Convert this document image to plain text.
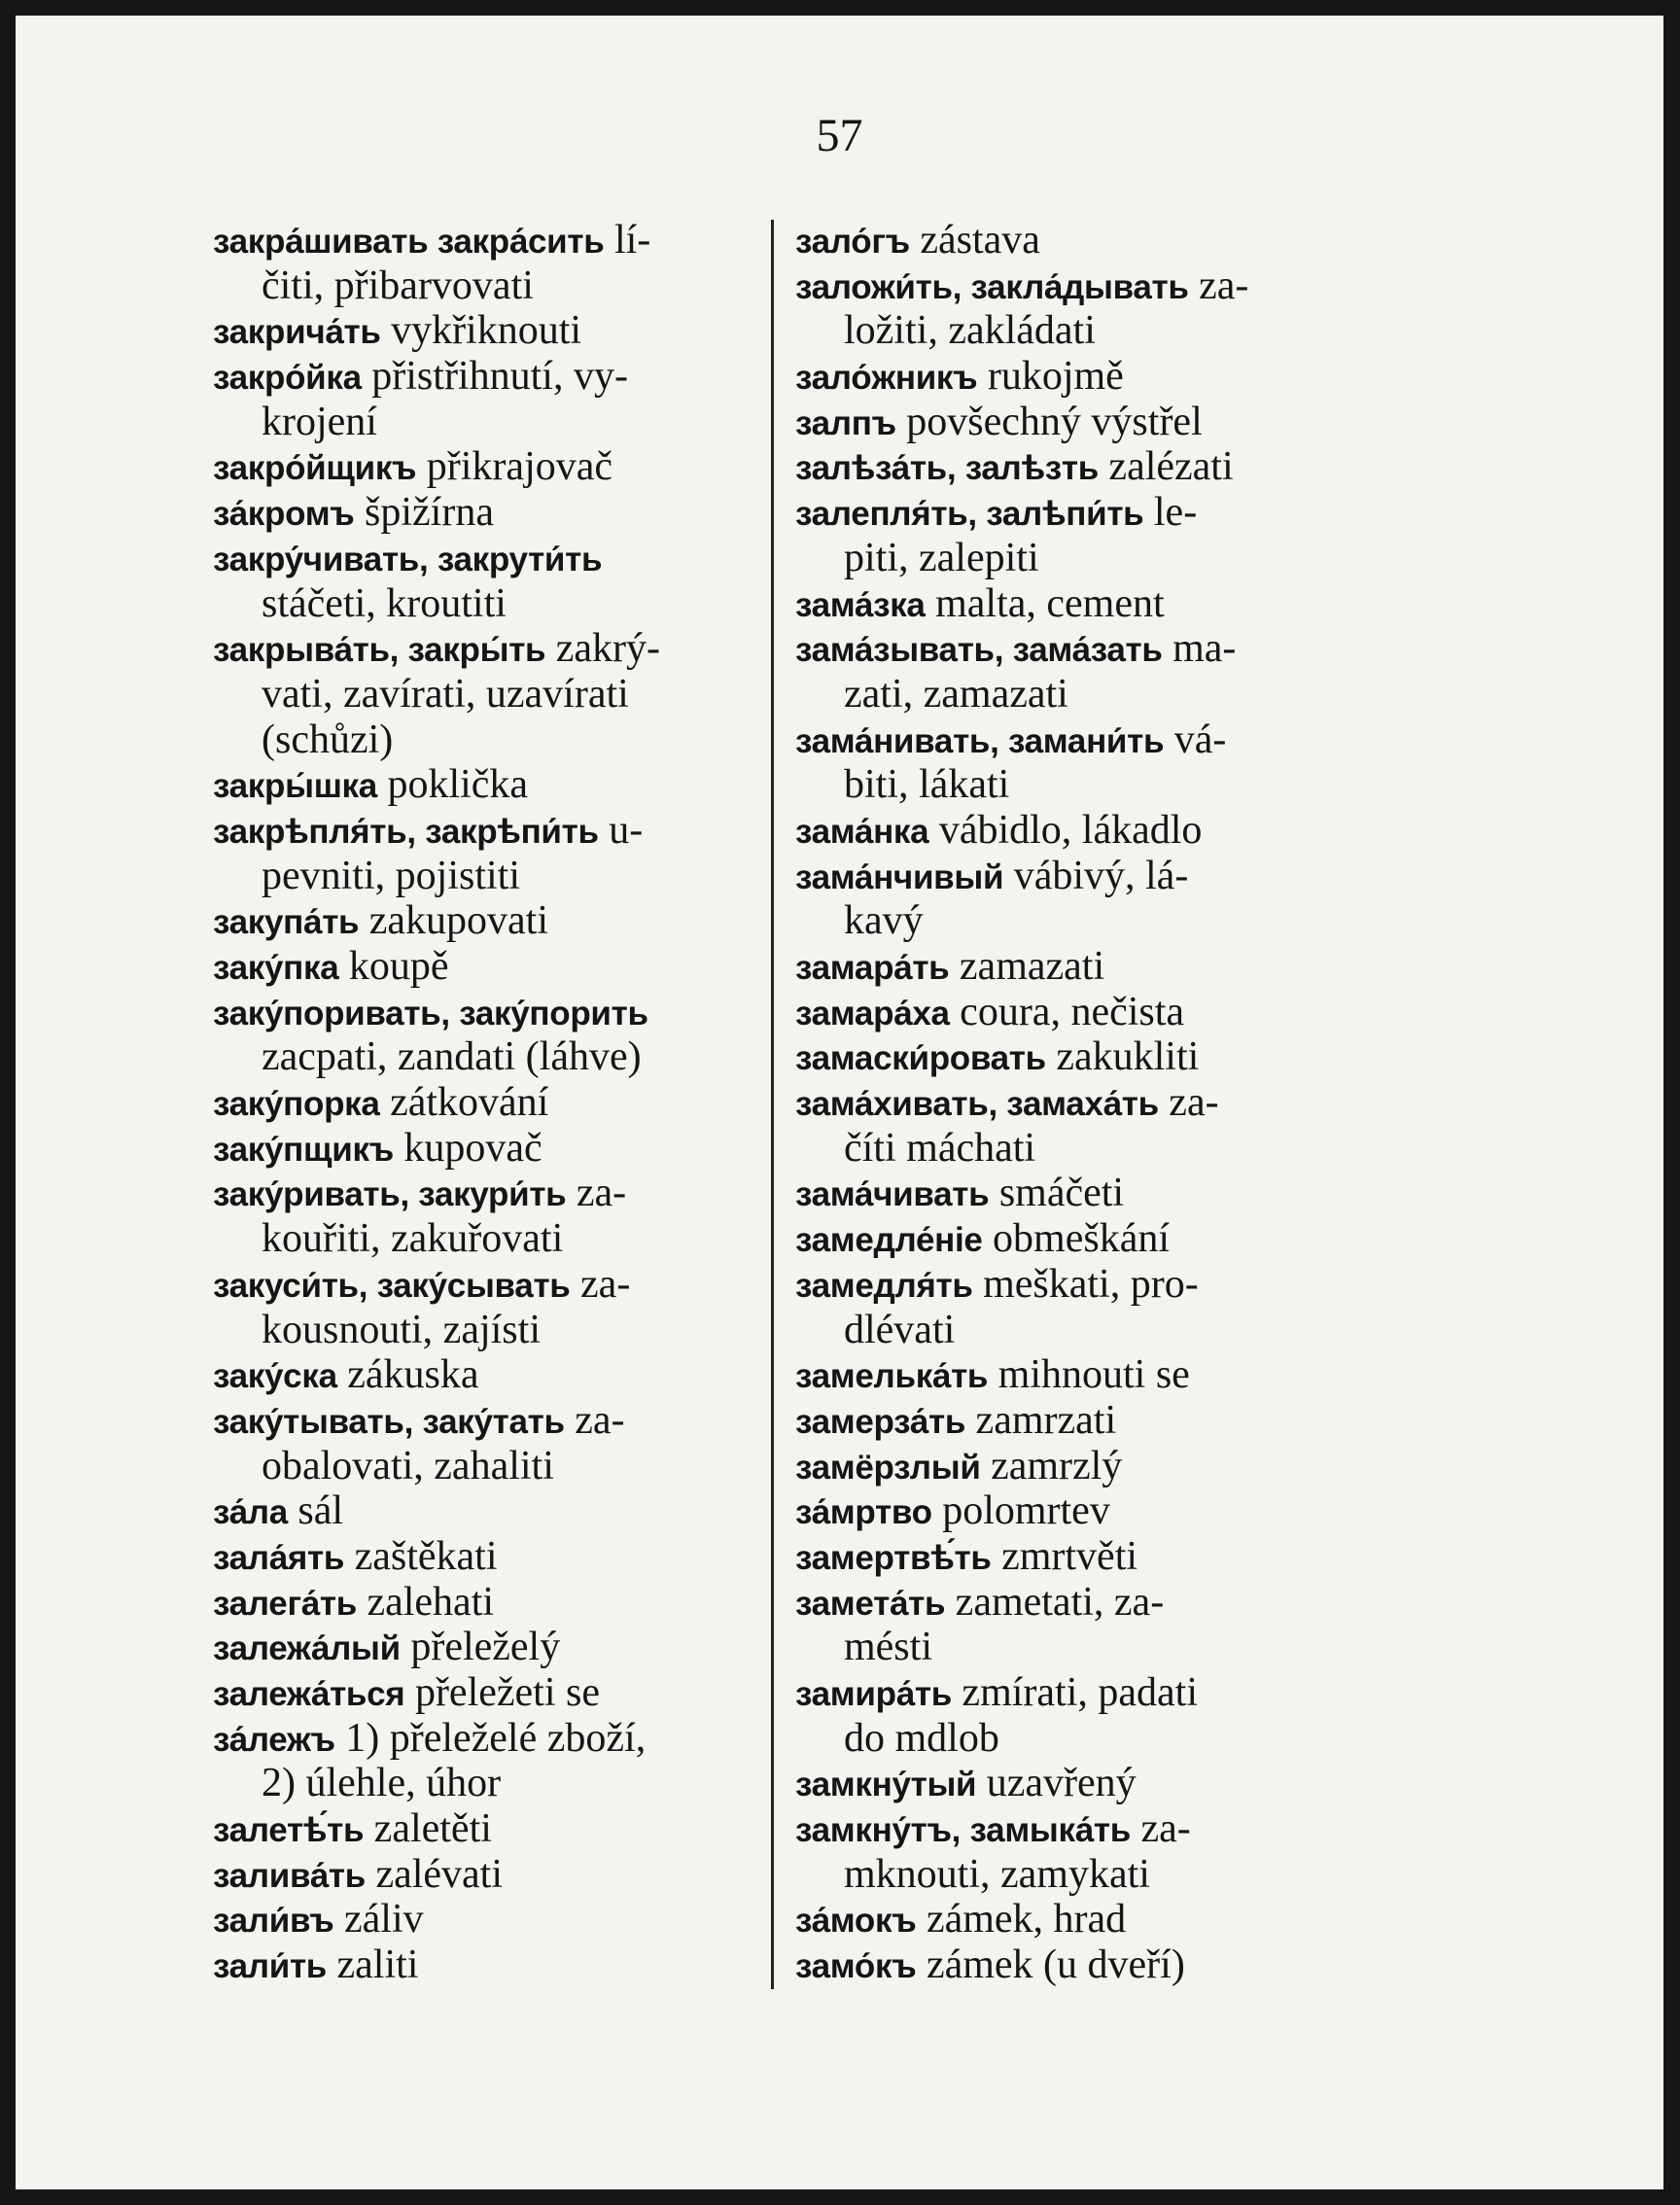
57
закра́шивать закра́сить lí-
čiti, přibarvovati
закрича́ть vykřiknouti
закро́йка přistřihnutí, vy-
krojení
закро́йщикъ přikrajovač
за́кромъ špižírna
закру́чивать, закрути́ть
stáčeti, kroutiti
закрыва́ть, закры́ть zakrý-
vati, zavírati, uzavírati
(schůzi)
закры́шка poklička
закрѣпля́ть, закрѣпи́ть u-
pevniti, pojistiti
закупа́ть zakupovati
заку́пка koupě
заку́поривать, заку́порить
zacpati, zandati (láhve)
заку́порка zátkování
заку́пщикъ kupovač
заку́ривать, закури́ть za-
kouřiti, zakuřovati
закуси́ть, заку́сывать za-
kousnouti, zajísti
заку́ска zákuska
заку́тывать, заку́тать za-
obalovati, zahaliti
за́ла sál
зала́ять zaštěkati
залега́ть zalehati
залежа́лый přeleželý
залежа́ться přeležeti se
за́лежъ 1) přeleželé zboží,
2) úlehle, úhor
залетѣ́ть zaletěti
залива́ть zalévati
зали́въ záliv
зали́ть zaliti
зало́гъ zástava
заложи́ть, закла́дывать za-
ložiti, zakládati
зало́жникъ rukojmě
залпъ povšechný výstřel
залѣза́ть, залѣзть zalézati
залепля́ть, залѣпи́ть le-
piti, zalepiti
зама́зка malta, cement
зама́зывать, зама́зать ma-
zati, zamazati
зама́нивать, замани́ть vá-
biti, lákati
зама́нка vábidlo, lákadlo
зама́нчивый vábivý, lá-
kavý
замара́ть zamazati
замара́ха coura, nečista
замаски́ровать zakukliti
зама́хивать, замаха́ть za-
číti máchati
зама́чивать smáčeti
замедле́ніе obmeškání
замедля́ть meškati, pro-
dlévati
замелька́ть mihnouti se
замерза́ть zamrzati
замёрзлый zamrzlý
за́мртво polomrtev
замертвѣ́ть zmrtvěti
замета́ть zametati, za-
mésti
замира́ть zmírati, padati
do mdlob
замкну́тый uzavřený
замкну́тъ, замыка́ть za-
mknouti, zamykati
за́мокъ zámek, hrad
замо́къ zámek (u dveří)
